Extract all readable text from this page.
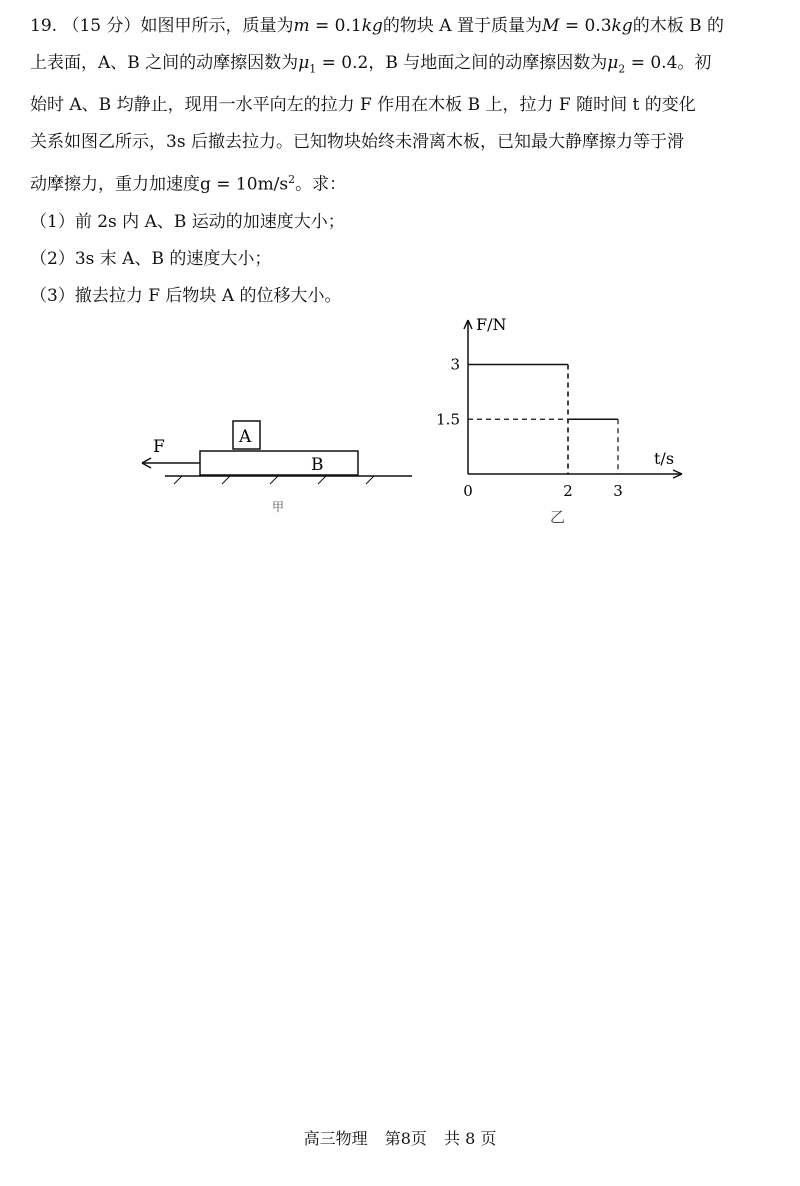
19. （15 分）如图甲所示，质量为m = 0.1kg的物块 A 置于质量为M = 0.3kg的木板 B 的
上表面，A、B 之间的动摩擦因数为$\mu_1 = 0.2$，B 与地面之间的动摩擦因数为$\mu_2 = 0.4$。初
始时 A、B 均静止，现用一水平向左的拉力 F 作用在木板 B 上，拉力 F 随时间 t 的变化
关系如图乙所示，3s 后撤去拉力。已知物块始终未滑离木板，已知最大静摩擦力等于滑
动摩擦力，重力加速度$g = 10m/s^2$。求：
（1）前 2s 内 A、B 运动的加速度大小；
（2）3s 末 A、B 的速度大小；
（3）撤去拉力 F 后物块 A 的位移大小。
A
B
F
甲
F/N
t/s
乙
3
1.5
0	2	3
高三物理 第8页 共 8 页
